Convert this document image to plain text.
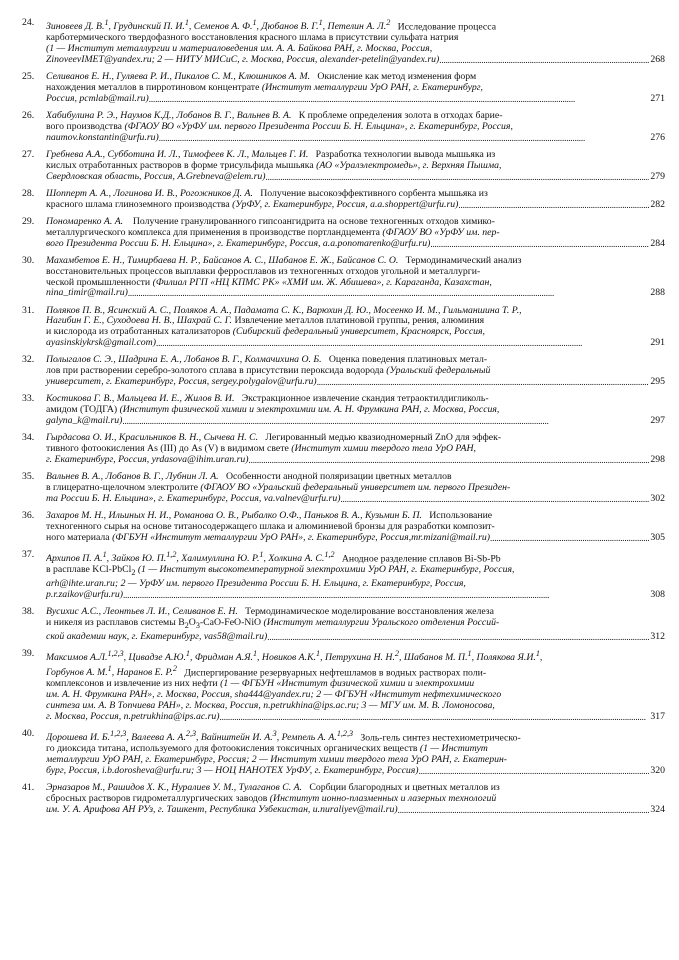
24.	Зиновеев Д. В.$^1$, Грудинский П. И.$^1$, Семенов А. Ф.$^1$, Дюбанов В. Г.$^1$, Петелин А. Л.$^2$   Исследование процесса
карботермического твердофазного восстановления красного шлама в присутствии сульфата натрия
(1 — Институт металлургии и материаловедения им. А. А. Байкова РАН, г. Москва, Россия,
ZinoveevIMET@yandex.ru; 2 — НИТУ МИСиС, г. Москва, Россия, alexander-petelin@yandex.ru) . . .	268
25.	Селиванов Е. Н., Гуляева Р. И., Пикалов С. М., Клюшников А. М.   Окисление как метод изменения форм
нахождения металлов в пирротиновом концентрате (Институт металлургии УрО РАН, г. Екатеринбург,
Россия, pcmlab@mail.ru) . . .	271
26.	Хабибулина Р. Э., Наумов К.Д., Лобанов В. Г., Вальнев В. А.   К проблеме определения золота в отходах барие-
вого производства (ФГАОУ ВО «УрФУ им. первого Президента России Б. Н. Ельцина», г. Екатеринбург, Россия,
naumov.konstantin@urfu.ru) . . .	276
27.	Гребнева А.А., Субботина И. Л., Тимофеев К. Л., Мальцев Г. И.   Разработка технологии вывода мышьяка из
кислых отработанных растворов в форме трисульфида мышьяка (АО «Уралэлектромедь», г. Верхняя Пышма,
Свердловская область, Россия, A.Grebneva@elem.ru) . . .	279
28.	Шопперт А. А., Логинова И. В., Рогожников Д. А.   Получение высокоэффективного сорбента мышьяка из
красного шлама глиноземного производства (УрФУ, г. Екатеринбург, Россия, a.a.shoppert@urfu.ru) . . .	282
29.	Пономаренко А. А.    Получение гранулированного гипсоангидрита на основе техногенных отходов химико-
металлургического комплекса для применения в производстве портландцемента (ФГАОУ ВО «УрФУ им. пер-
вого Президента России Б. Н. Ельцина», г. Екатеринбург, Россия, a.a.ponomarenko@urfu.ru) . . .	284
30.	Махамбетов Е. Н., Тимирбаева Н. Р., Байсанов А. С., Шабанов Е. Ж., Байсанов С. О.   Термодинамический анализ
восстановительных процессов выплавки ферросплавов из техногенных отходов угольной и металлурги-
ческой промышленности (Филиал РГП «НЦ КПМС РК» «ХМИ им. Ж. Абишева», г. Караганда, Казахстан,
nina_timir@mail.ru) . . .	288
31.	Поляков П. В., Ясинский А. С., Поляков А. А., Падамата С. К., Варюхин Д. Ю., Мосеенко И. М., Гильманшина Т. Р.,
Нагибин Г. Е., Суходоева Н. В., Шахрай С. Г. Извлечение металлов платиновой группы, рения, алюминия
и кислорода из отработанных катализаторов (Сибирский федеральный университет, Красноярск, Россия,
ayasinskiykrsk@gmail.com) . . .	291
32.	Полыгалов С. Э., Шадрина Е. А., Лобанов В. Г., Колмачихина О. Б.   Оценка поведения платиновых метал-
лов при растворении серебро-золотого сплава в присутствии пероксида водорода (Уральский федеральный
университет, г. Екатеринбург, Россия, sergey.polygalov@urfu.ru) . . .	295
33.	Костикова Г. В., Мальцева И. Е., Жилов В. И.   Экстракционное извлечение скандия тетраоктилдигликоль-
амидом (ТОДГА) (Институт физической химии и электрохимии им. А. Н. Фрумкина РАН, г. Москва, Россия,
galyna_k@mail.ru) . . .	297
34.	Гырдасова О. И., Красильников В. Н., Сычева Н. С.   Легированный медью квазиодномерный ZnO для эффек-
тивного фотоокисления As (III) до As (V) в видимом свете (Институт химии твердого тела УрО РАН,
г. Екатеринбург, Россия, yrdasova@ihim.uran.ru) . . .	298
35.	Вальнев В. А., Лобанов В. Г., Лубнин Л. А.   Особенности анодной поляризации цветных металлов
в глицератно-щелочном электролите (ФГАОУ ВО «Уральский федеральный университет им. первого Президен-
та России Б. Н. Ельцина», г. Екатеринбург, Россия, va.valnev@urfu.ru) . . .	302
36.	Захаров М. Н., Ильиных Н. И., Романова О. В., Рыбалко О.Ф., Паньков В. А., Кузьмин Б. П.   Использование
техногенного сырья на основе титаносодержащего шлака и алюминиевой бронзы для разработки композит-
ного материала (ФГБУН «Институт металлургии УрО РАН», г. Екатеринбург, Россия,mr.mizani@mail.ru) . . .	305
37.	Архипов П. А.$^1$, Зайков Ю. П.$^{1,2}$, Халимуллина Ю. Р.$^1$, Холкина А. С.$^{1,2}$   Анодное разделение сплавов Bi-Sb-Pb
в расплаве KCl-PbCl$_2$ (1 — Институт высокотемпературной электрохимии УрО РАН, г. Екатеринбург, Россия,
arh@ihte.uran.ru; 2 — УрФУ им. первого Президента России Б. Н. Ельцина, г. Екатеринбург, Россия,
p.r.zaikov@urfu.ru) . . .	308
38.	Вусихис А.С., Леонтьев Л. И., Селиванов Е. Н.   Термодинамическое моделирование восстановления железа
и никеля из расплавов системы $B_2O_3-CaO-FeO$-NiO (Институт металлургии Уральского отделения Россий-
ской академии наук, г. Екатеринбург, vas58@mail.ru) . . .	312
39.	Максимов А.Л.$^{1,2,3}$, Цивадзе А.Ю.$^1$, Фридман А.Я.$^1$, Новиков А.К.$^1$, Петрухина Н. Н.$^2$, Шабанов М. П.$^1$, Полякова Я.И.$^1$,
Горбунов А. М.$^1$, Наранов Е. Р.$^2$   Диспергирование резервуарных нефтешламов в водных растворах поли-
комплексонов и извлечение из них нефти (1 — ФГБУН «Институт физической химии и электрохимии
им. А. Н. Фрумкина РАН», г. Москва, Россия, sha444@yandex.ru; 2 — ФГБУН «Институт нефтехимического
синтеза им. А. В Топчиева РАН», г. Москва, Россия, n.petrukhina@ips.ac.ru; 3 — МГУ им. М. В. Ломоносова,
г. Москва, Россия, n.petrukhina@ips.ac.ru) . . .	317
40.	Дорошева И. Б.$^{1,2,3}$, Валеева А. А.$^{2,3}$, Вайнштейн И. А.$^3$, Ремпель А. А.$^{1,2,3}$   Золь-гель синтез нестехиометрическо-
го диоксида титана, используемого для фотоокисления токсичных органических веществ (1 — Институт
металлургии УрО РАН, г. Екатеринбург, Россия; 2 — Институт химии твердого тела УрО РАН, г. Екатерин-
бург, Россия, i.b.dorosheva@urfu.ru; 3 — НОЦ НАНОТЕХ УрФУ, г. Екатеринбург, Россия) . . .	320
41.	Эрназаров М., Рашидов Х. К., Нуралиев У. М., Тулаганов С. А.   Сорбции благородных и цветных металлов из
сбросных растворов гидрометаллургических заводов (Институт ионно-плазменных и лазерных технологий
им. У. А. Арифова АН РУз, г. Ташкент, Республика Узбекистан, u.nuraliyev@mail.ru) . . .	324
